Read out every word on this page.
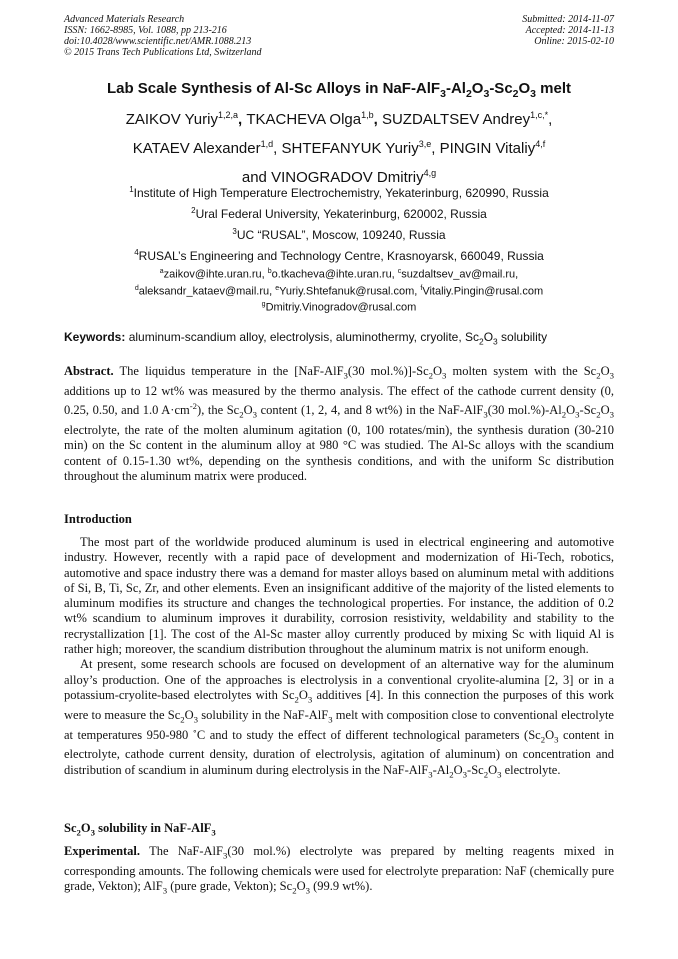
Advanced Materials Research
ISSN: 1662-8985, Vol. 1088, pp 213-216
doi:10.4028/www.scientific.net/AMR.1088.213
© 2015 Trans Tech Publications Ltd, Switzerland
Submitted: 2014-11-07
Accepted: 2014-11-13
Online: 2015-02-10
Lab Scale Synthesis of Al-Sc Alloys in NaF-$AlF_3-Al_2O_3-Sc_2O_3$ melt
ZAIKOV Yuriy$^{1,2,a}$, TKACHEVA Olga$^{1,b}$, SUZDALTSEV Andrey$^{1,c,*}$,
KATAEV Alexander$^{1,d}$, SHTEFANYUK Yuriy$^{3,e}$, PINGIN Vitaliy$^{4,f}$
and VINOGRADOV Dmitriy$^{4,g}$
$^1$Institute of High Temperature Electrochemistry, Yekaterinburg, 620990, Russia
$^2$Ural Federal University, Yekaterinburg, 620002, Russia
$^3$UC “RUSAL”, Moscow, 109240, Russia
$^4$RUSAL’s Engineering and Technology Centre, Krasnoyarsk, 660049, Russia
$^a$zaikov@ihte.uran.ru, $^b$o.tkacheva@ihte.uran.ru, $^c$suzdaltsev_av@mail.ru,
$^d$aleksandr_kataev@mail.ru, $^e$Yuriy.Shtefanuk@rusal.com, $^f$Vitaliy.Pingin@rusal.com
$^g$Dmitriy.Vinogradov@rusal.com
Keywords: aluminum-scandium alloy, electrolysis, aluminothermy, cryolite, $Sc_2O_3$ solubility
Abstract. The liquidus temperature in the [NaF-AlF$_3$(30 $mol.\%)]-Sc_2O_3$ molten system with the $Sc_2O_3$ additions up to 12 wt% was measured by the thermo analysis. The effect of the cathode current density (0, 0.25, 0.50, and 1.0 $A\cdot cm^{-2}$), the $Sc_2O_3$ content (1, 2, 4, and 8 wt%) in the NaF-AlF$_3$(30 $mol.\%)-Al_2O_3-Sc_2O_3$ electrolyte, the rate of the molten aluminum agitation (0, 100 rotates/min), the synthesis duration (30-210 min) on the Sc content in the aluminum alloy at 980 °C was studied. The Al-Sc alloys with the scandium content of 0.15-1.30 wt%, depending on the synthesis conditions, and with the uniform Sc distribution throughout the aluminum matrix were produced.
Introduction

The most part of the worldwide produced aluminum is used in electrical engineering and automotive industry. However, recently with a rapid pace of development and modernization of Hi-Tech, robotics, automotive and space industry there was a demand for master alloys based on aluminum metal with additions of Si, B, Ti, Sc, Zr, and other elements. Even an insignificant additive of the majority of the listed elements to aluminum modifies its structure and changes the technological properties. For instance, the addition of 0.2 wt% scandium to aluminum improves it durability, corrosion resistivity, weldability and stability to the recrystallization [1]. The cost of the Al-Sc master alloy currently produced by mixing Sc with liquid Al is rather high; moreover, the scandium distribution throughout the aluminum matrix is not uniform enough.

At present, some research schools are focused on development of an alternative way for the aluminum alloy’s production. One of the approaches is electrolysis in a conventional cryolite-alumina [2, 3] or in a potassium-cryolite-based electrolytes with $Sc_2O_3$ additives [4]. In this connection the purposes of this work were to measure the $Sc_2O_3$ solubility in the NaF-AlF$_3$ melt with composition close to conventional electrolyte at temperatures 950-980 ˚C and to study the effect of different technological parameters ($Sc_2O_3$ content in electrolyte, cathode current density, duration of electrolysis, agitation of aluminum) on concentration and distribution of scandium in aluminum during electrolysis in the NaF-$AlF_3-Al_2O_3-Sc_2O_3$ electrolyte.

$Sc_2O_3$ solubility in NaF-AlF$_3$
Experimental. The NaF-AlF$_3$(30 mol.%) electrolyte was prepared by melting reagents mixed in corresponding amounts. The following chemicals were used for electrolyte preparation: NaF (chemically pure grade, Vekton); AlF$_3$ (pure grade, Vekton); $Sc_2O_3$ (99.9 wt%).
